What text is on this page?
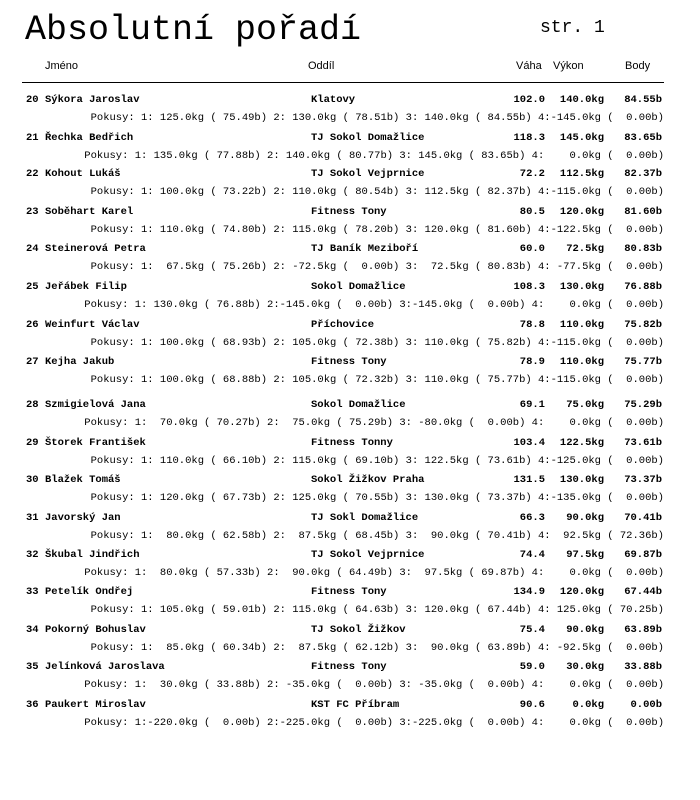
Absolutní pořadí	str. 1
Jméno	Oddíl	Váha Výkon	Body
20 Sýkora Jaroslav	Klatovy	102.0	140.0kg	84.55b
Pokusy: 1: 125.0kg ( 75.49b) 2: 130.0kg ( 78.51b) 3: 140.0kg ( 84.55b) 4:-145.0kg (  0.00b)
21 Řechka Bedřich	TJ Sokol Domažlice	118.3	145.0kg	83.65b
Pokusy: 1: 135.0kg ( 77.88b) 2: 140.0kg ( 80.77b) 3: 145.0kg ( 83.65b) 4:    0.0kg (  0.00b)
22 Kohout Lukáš	TJ Sokol Vejprnice	72.2	112.5kg	82.37b
Pokusy: 1: 100.0kg ( 73.22b) 2: 110.0kg ( 80.54b) 3: 112.5kg ( 82.37b) 4:-115.0kg (  0.00b)
23 Soběhart Karel	Fitness Tony	80.5	120.0kg	81.60b
Pokusy: 1: 110.0kg ( 74.80b) 2: 115.0kg ( 78.20b) 3: 120.0kg ( 81.60b) 4:-122.5kg (  0.00b)
24 Steinerová Petra	TJ Baník Meziboří	60.0	72.5kg	80.83b
Pokusy: 1:  67.5kg ( 75.26b) 2: -72.5kg (  0.00b) 3:  72.5kg ( 80.83b) 4: -77.5kg (  0.00b)
25 Jeřábek Filip	Sokol Domažlice	108.3	130.0kg	76.88b
Pokusy: 1: 130.0kg ( 76.88b) 2:-145.0kg (  0.00b) 3:-145.0kg (  0.00b) 4:    0.0kg (  0.00b)
26 Weinfurt Václav	Příchovice	78.8	110.0kg	75.82b
Pokusy: 1: 100.0kg ( 68.93b) 2: 105.0kg ( 72.38b) 3: 110.0kg ( 75.82b) 4:-115.0kg (  0.00b)
27 Kejha Jakub	Fitness Tony	78.9	110.0kg	75.77b
Pokusy: 1: 100.0kg ( 68.88b) 2: 105.0kg ( 72.32b) 3: 110.0kg ( 75.77b) 4:-115.0kg (  0.00b)
28 Szmigielová Jana	Sokol Domažlice	69.1	75.0kg	75.29b
Pokusy: 1:  70.0kg ( 70.27b) 2:  75.0kg ( 75.29b) 3: -80.0kg (  0.00b) 4:    0.0kg (  0.00b)
29 Štorek František	Fitness Tonny	103.4	122.5kg	73.61b
Pokusy: 1: 110.0kg ( 66.10b) 2: 115.0kg ( 69.10b) 3: 122.5kg ( 73.61b) 4:-125.0kg (  0.00b)
30 Blažek Tomáš	Sokol Žižkov Praha	131.5	130.0kg	73.37b
Pokusy: 1: 120.0kg ( 67.73b) 2: 125.0kg ( 70.55b) 3: 130.0kg ( 73.37b) 4:-135.0kg (  0.00b)
31 Javorský Jan	TJ Sokl Domažlice	66.3	90.0kg	70.41b
Pokusy: 1:  80.0kg ( 62.58b) 2:  87.5kg ( 68.45b) 3:  90.0kg ( 70.41b) 4:  92.5kg ( 72.36b)
32 Škubal Jindřich	TJ Sokol Vejprnice	74.4	97.5kg	69.87b
Pokusy: 1:  80.0kg ( 57.33b) 2:  90.0kg ( 64.49b) 3:  97.5kg ( 69.87b) 4:    0.0kg (  0.00b)
33 Petelík Ondřej	Fitness Tony	134.9	120.0kg	67.44b
Pokusy: 1: 105.0kg ( 59.01b) 2: 115.0kg ( 64.63b) 3: 120.0kg ( 67.44b) 4: 125.0kg ( 70.25b)
34 Pokorný Bohuslav	TJ Sokol Žižkov	75.4	90.0kg	63.89b
Pokusy: 1:  85.0kg ( 60.34b) 2:  87.5kg ( 62.12b) 3:  90.0kg ( 63.89b) 4: -92.5kg (  0.00b)
35 Jelínková Jaroslava	Fitness Tony	59.0	30.0kg	33.88b
Pokusy: 1:  30.0kg ( 33.88b) 2: -35.0kg (  0.00b) 3: -35.0kg (  0.00b) 4:    0.0kg (  0.00b)
36 Paukert Miroslav	KST FC Příbram	90.6	0.0kg	0.00b
Pokusy: 1:-220.0kg (  0.00b) 2:-225.0kg (  0.00b) 3:-225.0kg (  0.00b) 4:    0.0kg (  0.00b)
